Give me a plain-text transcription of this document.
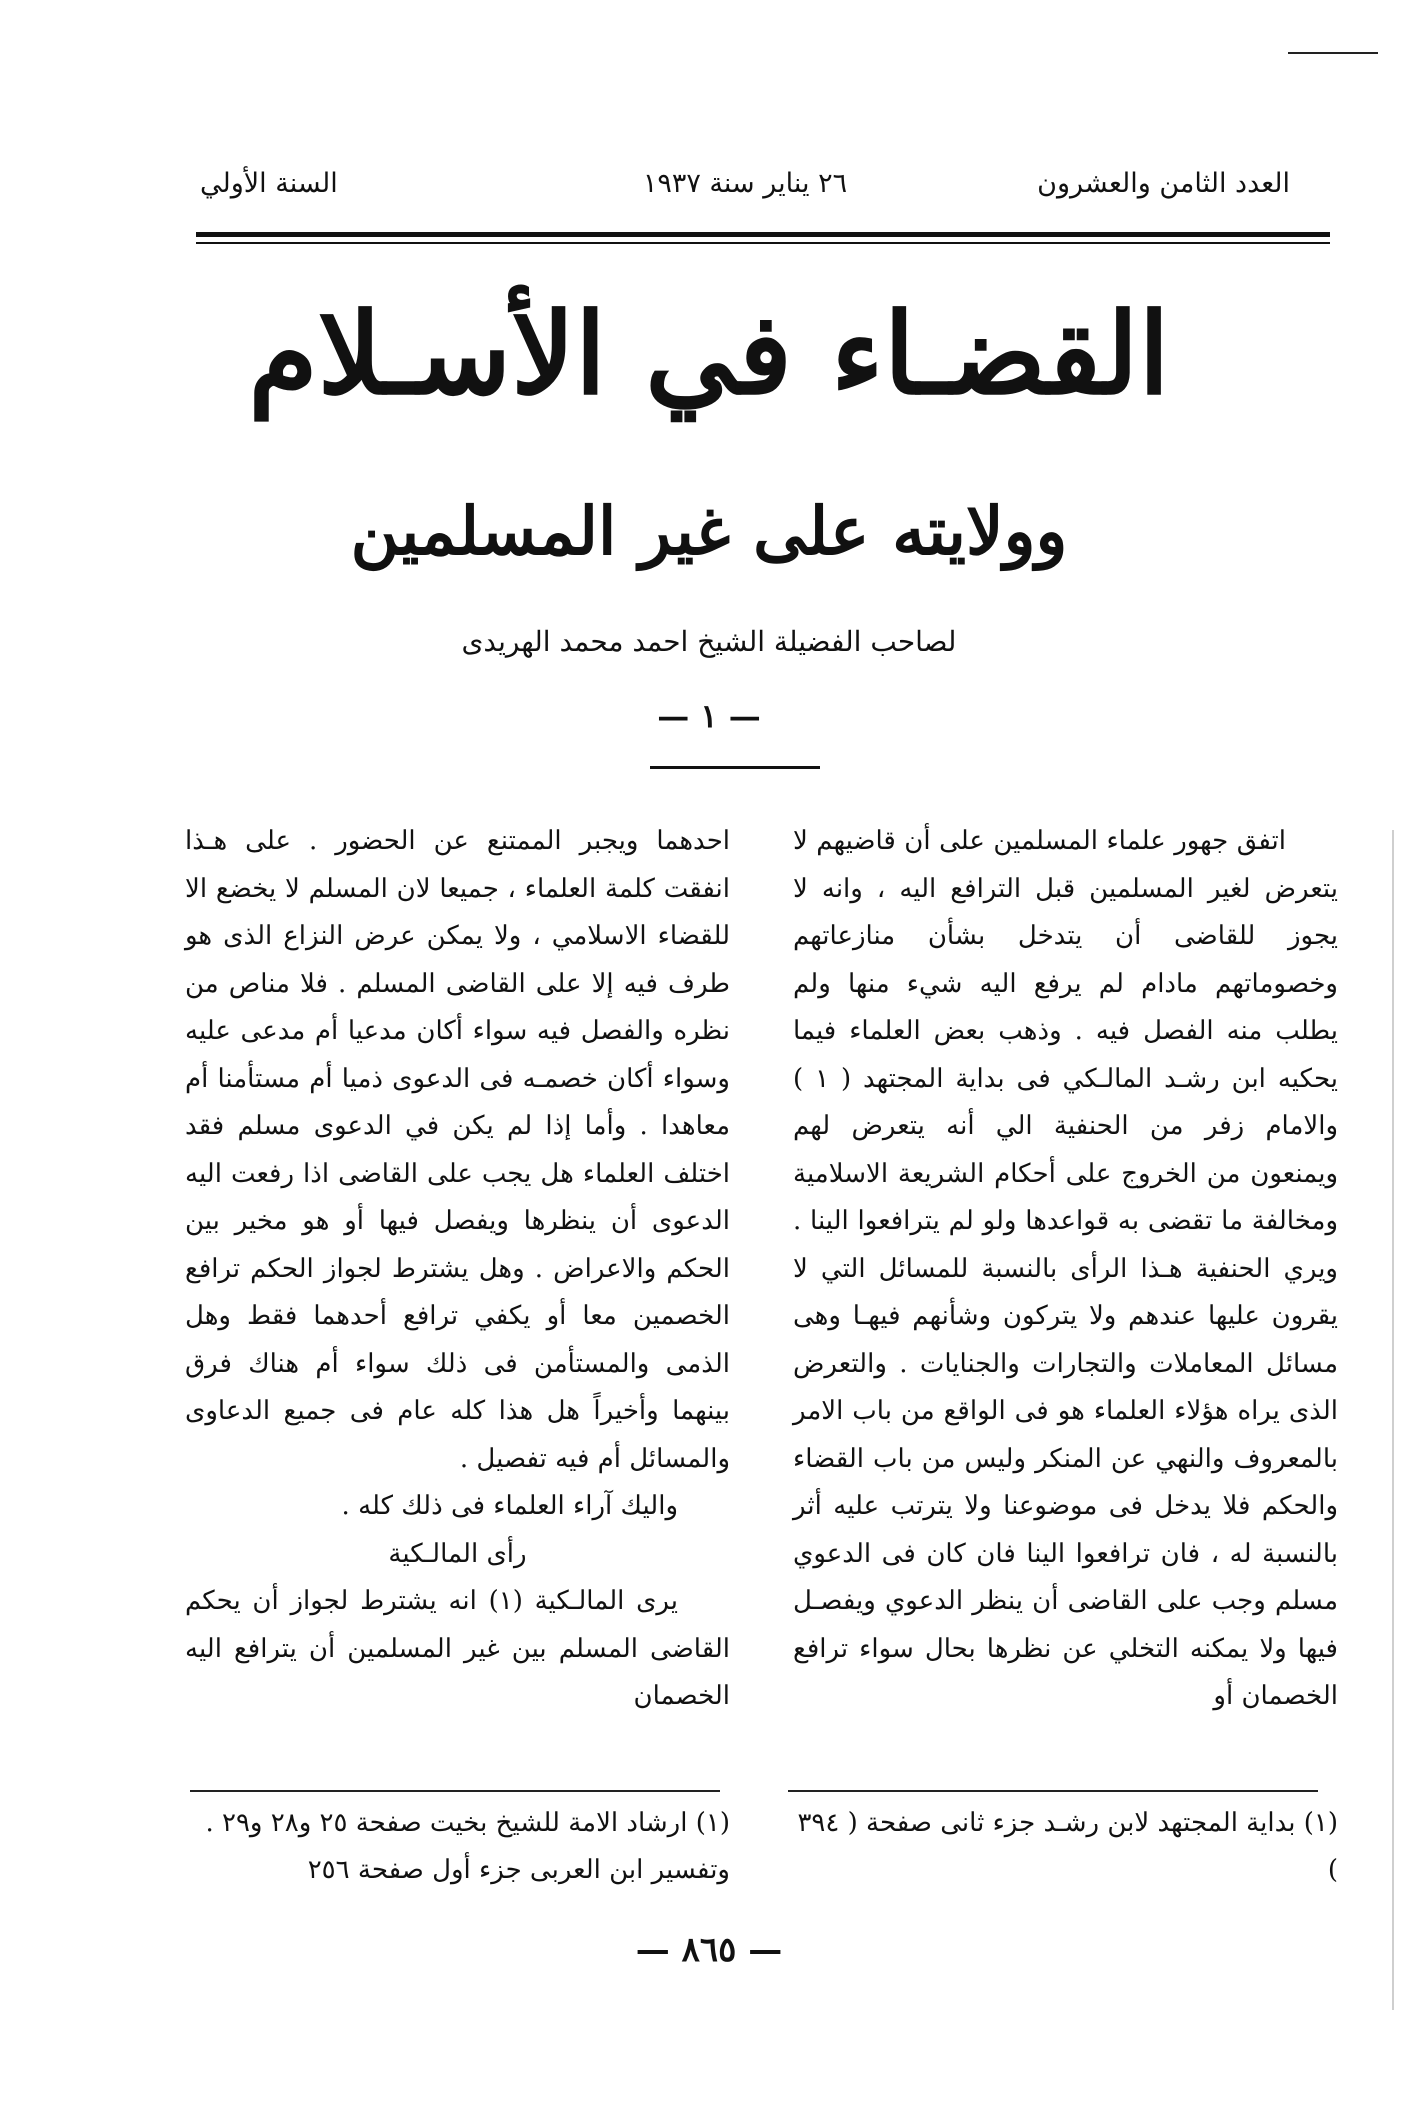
العدد الثامن والعشرون
٢٦ يناير سنة ١٩٣٧
السنة الأولي
القضـاء في الأسـلام
وولايته على غير المسلمين
لصاحب الفضيلة الشيخ احمد محمد الهريدى
— ١ —

اتفق جهور علماء المسلمين على أن قاضيهم لا يتعرض لغير المسلمين قبل الترافع اليه ، وانه لا يجوز للقاضى أن يتدخل بشأن منازعاتهم وخصوماتهم مادام لم يرفع اليه شيء منها ولم يطلب منه الفصل فيه . وذهب بعض العلماء فيما يحكيه ابن رشـد المالـكي فى بداية المجتهد ( ١ ) والامام زفر من الحنفية الي أنه يتعرض لهم ويمنعون من الخروج على أحكام الشريعة الاسلامية ومخالفة ما تقضى به قواعدها ولو لم يترافعوا الينا . ويري الحنفية هـذا الرأى بالنسبة للمسائل التي لا يقرون عليها عندهم ولا يتركون وشأنهم فيهـا وهى مسائل المعاملات والتجارات والجنايات . والتعرض الذى يراه هؤلاء العلماء هو فى الواقع من باب الامر بالمعروف والنهي عن المنكر وليس من باب القضاء والحكم فلا يدخل فى موضوعنا ولا يترتب عليه أثر بالنسبة له ، فان ترافعوا الينا فان كان فى الدعوي مسلم وجب على القاضى أن ينظر الدعوي ويفصـل فيها ولا يمكنه التخلي عن نظرها بحال سواء ترافع الخصمان أو

احدهما ويجبر الممتنع عن الحضور . على هـذا انفقت كلمة العلماء ، جميعا لان المسلم لا يخضع الا للقضاء الاسلامي ، ولا يمكن عرض النزاع الذى هو طرف فيه إلا على القاضى المسلم . فلا مناص من نظره والفصل فيه سواء أكان مدعيا أم مدعى عليه وسواء أكان خصمـه فى الدعوى ذميا أم مستأمنا أم معاهدا . وأما إذا لم يكن في الدعوى مسلم فقد اختلف العلماء هل يجب على القاضى اذا رفعت اليه الدعوى أن ينظرها ويفصل فيها أو هو مخير بين الحكم والاعراض . وهل يشترط لجواز الحكم ترافع الخصمين معا أو يكفي ترافع أحدهما فقط وهل الذمى والمستأمن فى ذلك سواء أم هناك فرق بينهما وأخيراً هل هذا كله عام فى جميع الدعاوى والمسائل أم فيه تفصيل .

واليك آراء العلماء فى ذلك كله .

رأى المالـكية

يرى المالـكية (١) انه يشترط لجواز أن يحكم القاضى المسلم بين غير المسلمين أن يترافع اليه الخصمان

(١) بداية المجتهد لابن رشـد جزء ثانى صفحة ( ٣٩٤ )
(١) ارشاد الامة للشيخ بخيت صفحة ٢٥ و٢٨ و٢٩ . وتفسير ابن العربى جزء أول صفحة ٢٥٦
— ٨٦٥ —
